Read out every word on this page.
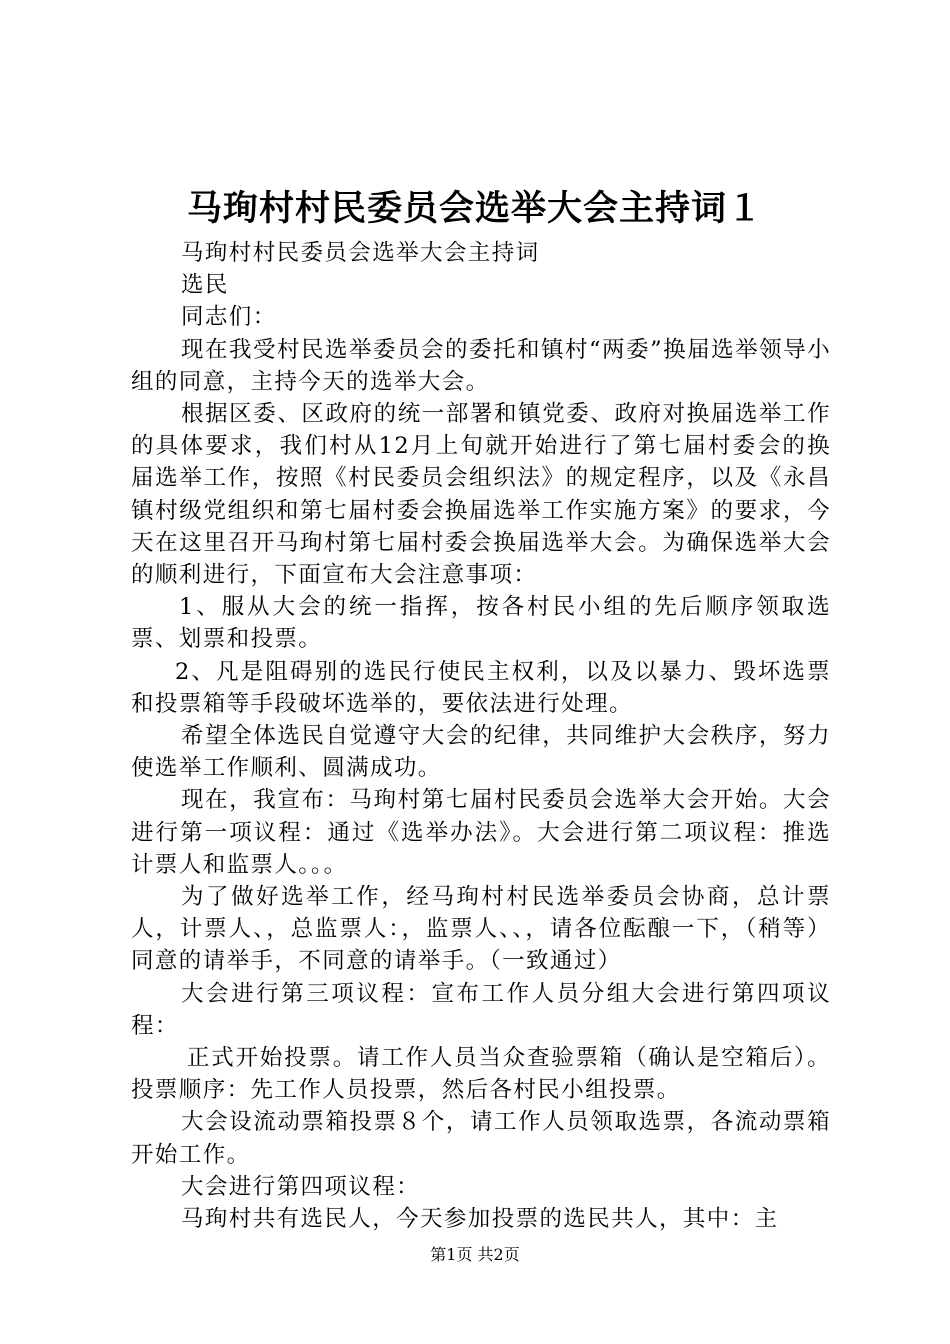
马珣村村民委员会选举大会主持词１

马珣村村民委员会选举大会主持词

选民

同志们：

现在我受村民选举委员会的委托和镇村“两委”换届选举领导小组的同意，主持今天的选举大会。

根据区委、区政府的统一部署和镇党委、政府对换届选举工作的具体要求，我们村从12月上旬就开始进行了第七届村委会的换届选举工作，按照《村民委员会组织法》的规定程序，以及《永昌镇村级党组织和第七届村委会换届选举工作实施方案》的要求，今天在这里召开马珣村第七届村委会换届选举大会。为确保选举大会的顺利进行，下面宣布大会注意事项：

1、服从大会的统一指挥，按各村民小组的先后顺序领取选票、划票和投票。

2、凡是阻碍别的选民行使民主权利，以及以暴力、毁坏选票和投票箱等手段破坏选举的，要依法进行处理。

希望全体选民自觉遵守大会的纪律，共同维护大会秩序，努力使选举工作顺利、圆满成功。

现在，我宣布：马珣村第七届村民委员会选举大会开始。大会进行第一项议程：通过《选举办法》。大会进行第二项议程：推选计票人和监票人。。。

为了做好选举工作，经马珣村村民选举委员会协商，总计票人，计票人、，总监票人：，监票人、、，请各位酝酿一下，（稍等）同意的请举手，不同意的请举手。（一致通过）

大会进行第三项议程：宣布工作人员分组大会进行第四项议程：

正式开始投票。请工作人员当众查验票箱（确认是空箱后）。投票顺序：先工作人员投票，然后各村民小组投票。

大会设流动票箱投票８个，请工作人员领取选票，各流动票箱开始工作。

大会进行第四项议程：

马珣村共有选民人，今天参加投票的选民共人，其中：主

第1页 共2页
